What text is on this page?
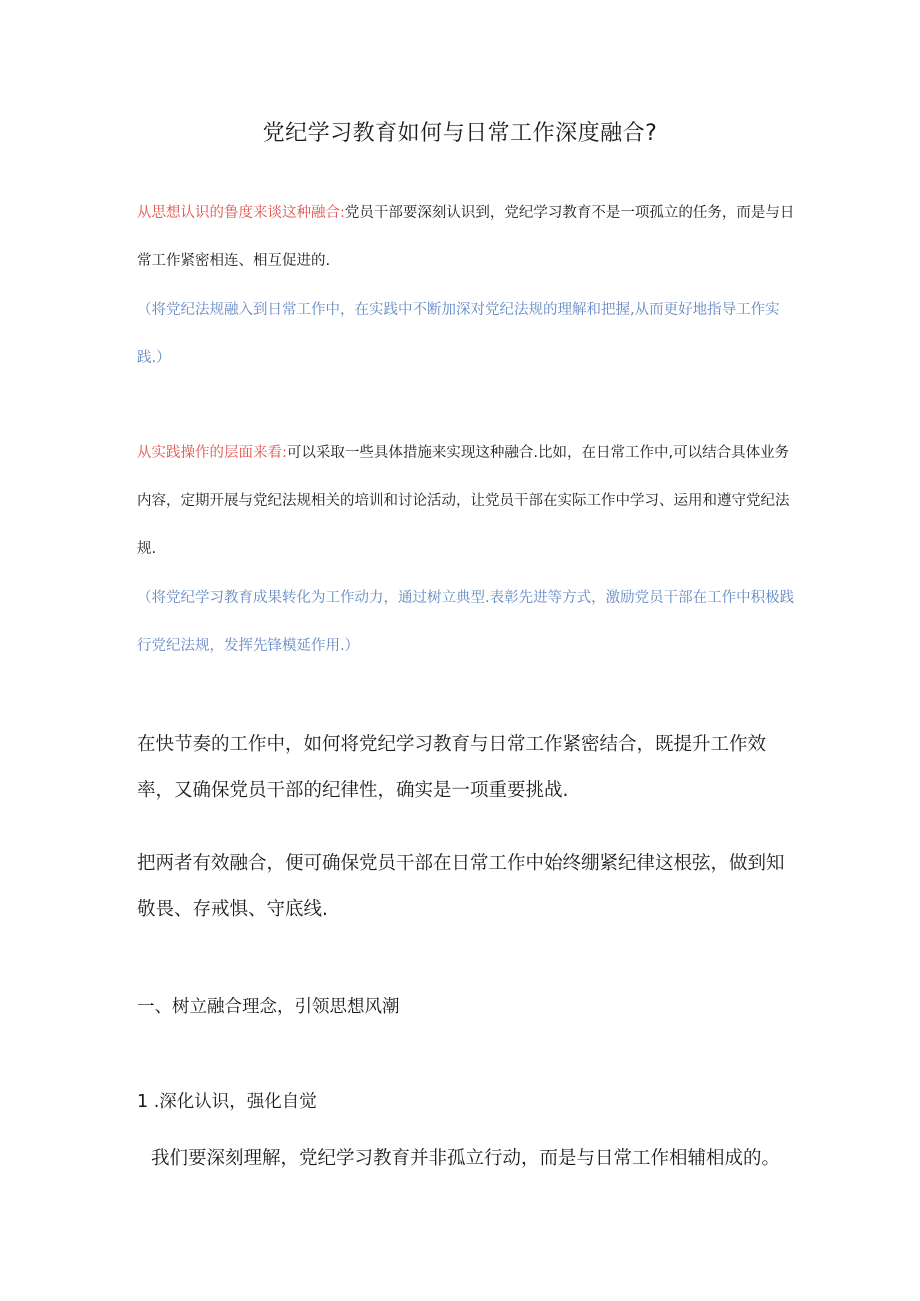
党纪学习教育如何与日常工作深度融合?
从思想认识的鲁度来谈这种融合:党员干部要深刻认识到，党纪学习教育不是一项孤立的任务，而是与日常工作紧密相连、相互促进的.
（将党纪法规融入到日常工作中，在实践中不断加深对党纪法规的理解和把握,从而更好地指导工作实践.）
从实践操作的层面来看:可以采取一些具体措施来实现这种融合.比如，在日常工作中,可以结合具体业务内容，定期开展与党纪法规相关的培训和讨论活动，让党员干部在实际工作中学习、运用和遵守党纪法规.
（将党纪学习教育成果转化为工作动力，通过树立典型.表彰先进等方式，激励党员干部在工作中积极践行党纪法规，发挥先锋模延作用.）
在快节奏的工作中，如何将党纪学习教育与日常工作紧密结合，既提升工作效率，又确保党员干部的纪律性，确实是一项重要挑战.
把两者有效融合，便可确保党员干部在日常工作中始终绷紧纪律这根弦，做到知敬畏、存戒惧、守底线.
一、树立融合理念，引领思想风潮
1 .深化认识，强化自觉
我们要深刻理解，党纪学习教育并非孤立行动，而是与日常工作相辅相成的。
